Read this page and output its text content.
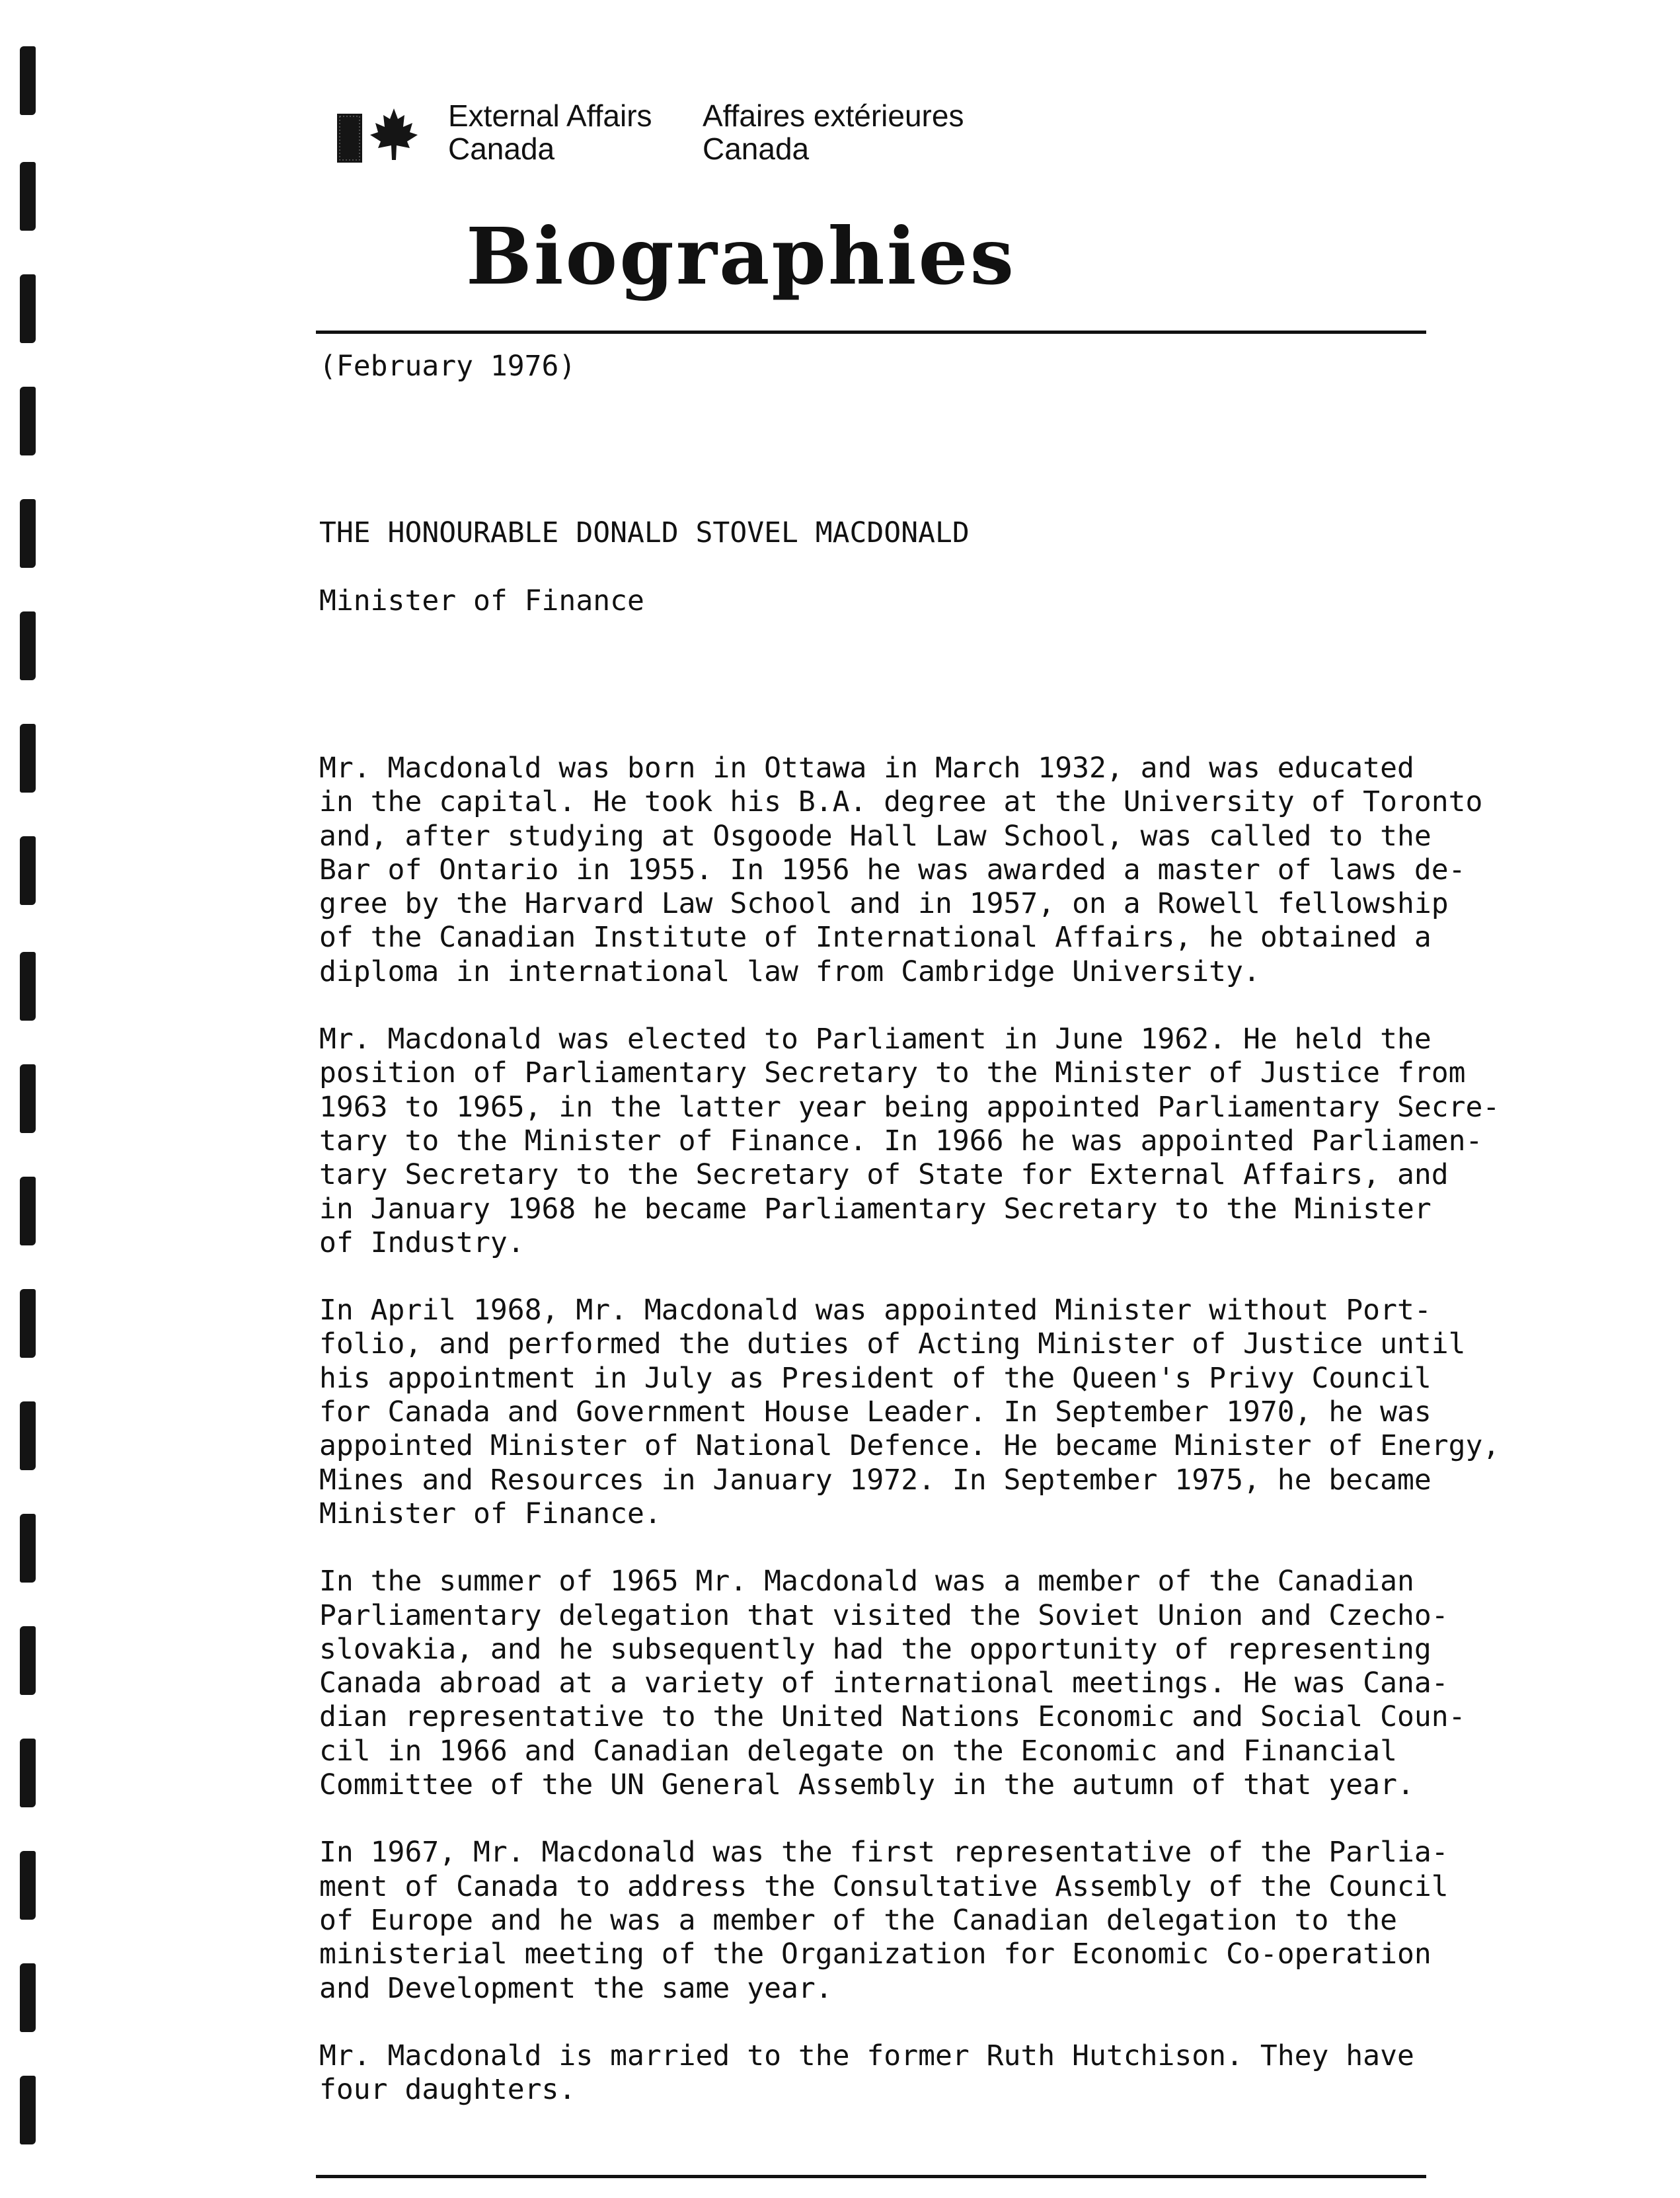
External Affairs
Canada
Affaires extérieures
Canada
Biographies
(February 1976)
THE HONOURABLE DONALD STOVEL MACDONALD
Minister of Finance

Mr. Macdonald was born in Ottawa in March 1932, and was educated
in the capital. He took his B.A. degree at the University of Toronto
and, after studying at Osgoode Hall Law School, was called to the
Bar of Ontario in 1955. In 1956 he was awarded a master of laws de-
gree by the Harvard Law School and in 1957, on a Rowell fellowship
of the Canadian Institute of International Affairs, he obtained a
diploma in international law from Cambridge University.

Mr. Macdonald was elected to Parliament in June 1962. He held the
position of Parliamentary Secretary to the Minister of Justice from
1963 to 1965, in the latter year being appointed Parliamentary Secre-
tary to the Minister of Finance. In 1966 he was appointed Parliamen-
tary Secretary to the Secretary of State for External Affairs, and
in January 1968 he became Parliamentary Secretary to the Minister
of Industry.

In April 1968, Mr. Macdonald was appointed Minister without Port-
folio, and performed the duties of Acting Minister of Justice until
his appointment in July as President of the Queen's Privy Council
for Canada and Government House Leader. In September 1970, he was
appointed Minister of National Defence. He became Minister of Energy,
Mines and Resources in January 1972. In September 1975, he became
Minister of Finance.

In the summer of 1965 Mr. Macdonald was a member of the Canadian
Parliamentary delegation that visited the Soviet Union and Czecho-
slovakia, and he subsequently had the opportunity of representing
Canada abroad at a variety of international meetings. He was Cana-
dian representative to the United Nations Economic and Social Coun-
cil in 1966 and Canadian delegate on the Economic and Financial
Committee of the UN General Assembly in the autumn of that year.

In 1967, Mr. Macdonald was the first representative of the Parlia-
ment of Canada to address the Consultative Assembly of the Council
of Europe and he was a member of the Canadian delegation to the
ministerial meeting of the Organization for Economic Co-operation
and Development the same year.

Mr. Macdonald is married to the former Ruth Hutchison. They have
four daughters.
